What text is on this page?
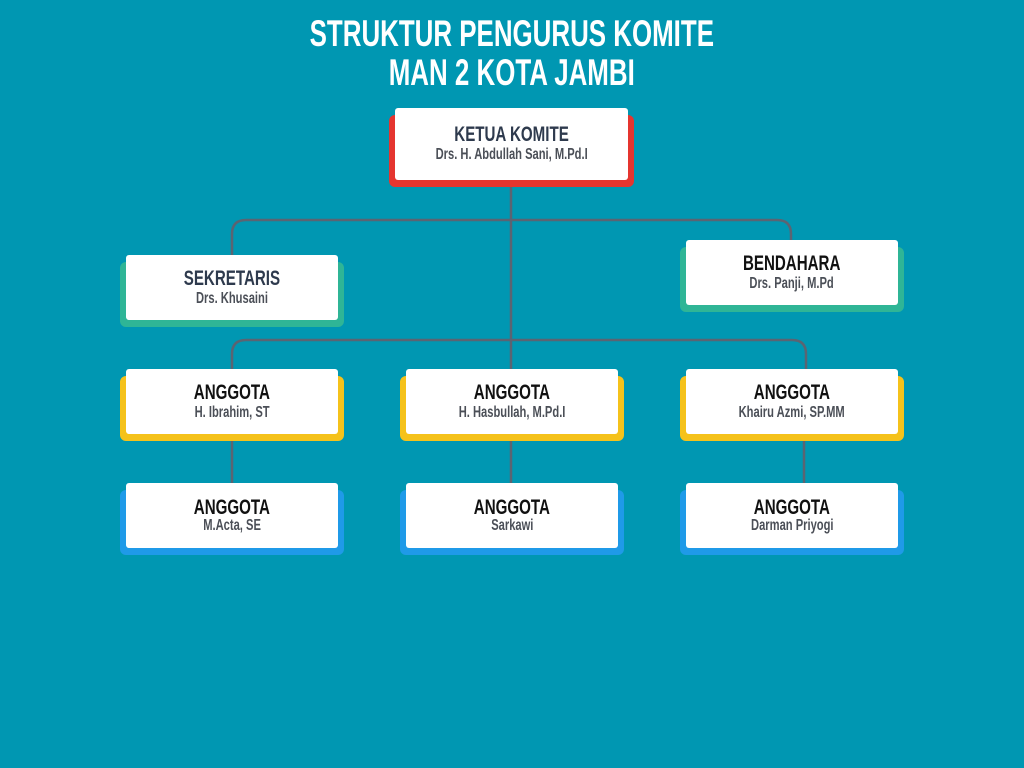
STRUKTUR PENGURUS KOMITE
MAN 2 KOTA JAMBI
KETUA KOMITE
Drs. H. Abdullah Sani, M.Pd.I
SEKRETARIS
Drs. Khusaini
BENDAHARA
Drs. Panji, M.Pd
ANGGOTA
H. Ibrahim, ST
ANGGOTA
H. Hasbullah, M.Pd.I
ANGGOTA
Khairu Azmi, SP.MM
ANGGOTA
M.Acta, SE
ANGGOTA
Sarkawi
ANGGOTA
Darman Priyogi
